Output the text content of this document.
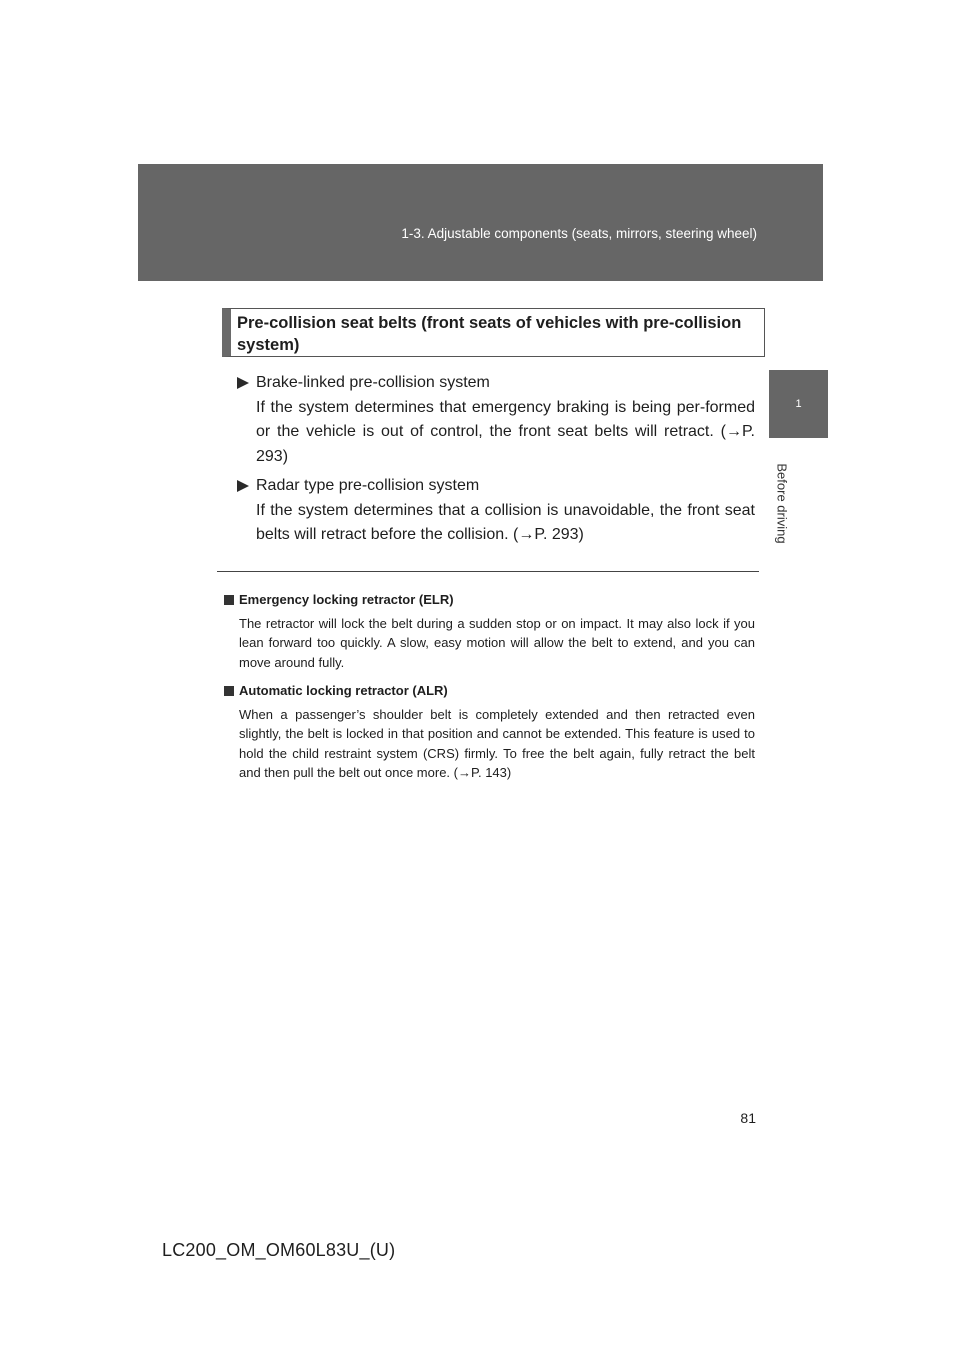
1-3. Adjustable components (seats, mirrors, steering wheel)
1
Before driving
Pre-collision seat belts (front seats of vehicles with pre-collision system)
Brake-linked pre-collision system
If the system determines that emergency braking is being per-formed or the vehicle is out of control, the front seat belts will retract. (→P. 293)
Radar type pre-collision system
If the system determines that a collision is unavoidable, the front seat belts will retract before the collision. (→P. 293)
Emergency locking retractor (ELR)
The retractor will lock the belt during a sudden stop or on impact. It may also lock if you lean forward too quickly. A slow, easy motion will allow the belt to extend, and you can move around fully.
Automatic locking retractor (ALR)
When a passenger’s shoulder belt is completely extended and then retracted even slightly, the belt is locked in that position and cannot be extended. This feature is used to hold the child restraint system (CRS) firmly. To free the belt again, fully retract the belt and then pull the belt out once more. (→P. 143)
81
LC200_OM_OM60L83U_(U)
